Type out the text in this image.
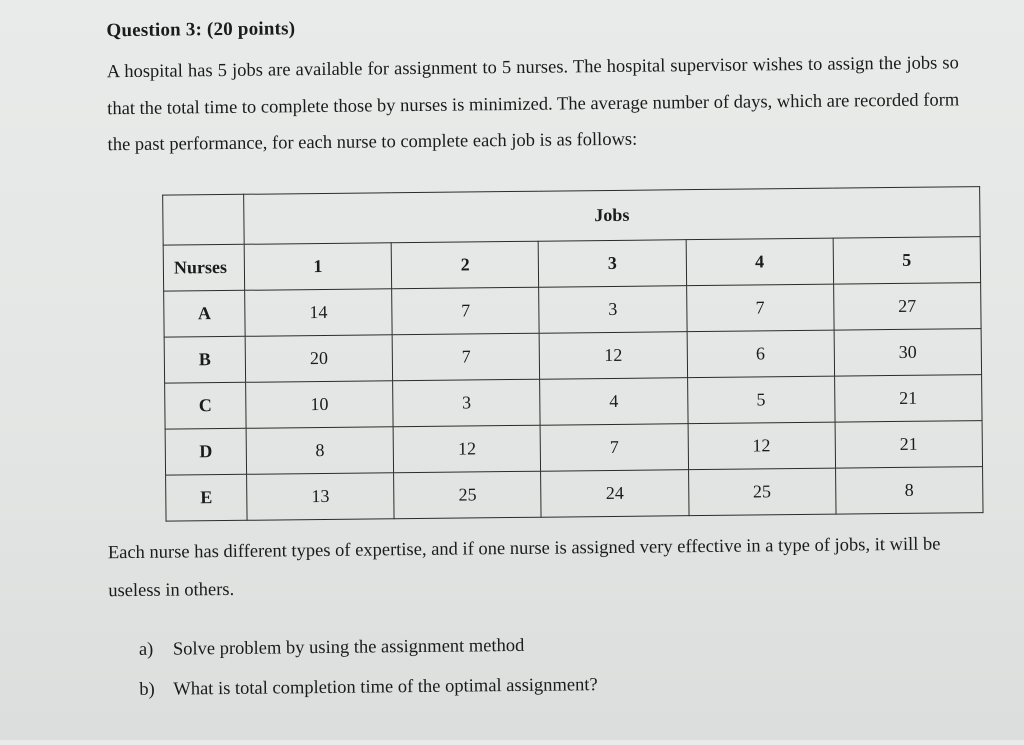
Question 3: (20 points)
A hospital has 5 jobs are available for assignment to 5 nurses. The hospital supervisor wishes to assign the jobs so that the total time to complete those by nurses is minimized. The average number of days, which are recorded form the past performance, for each nurse to complete each job is as follows:
	Jobs				
Nurses	1	2	3	4	5
A	14	7	3	7	27
B	20	7	12	6	30
C	10	3	4	5	21
D	8	12	7	12	21
E	13	25	24	25	8
Each nurse has different types of expertise, and if one nurse is assigned very effective in a type of jobs, it will be useless in others.
a) Solve problem by using the assignment method
b) What is total completion time of the optimal assignment?
